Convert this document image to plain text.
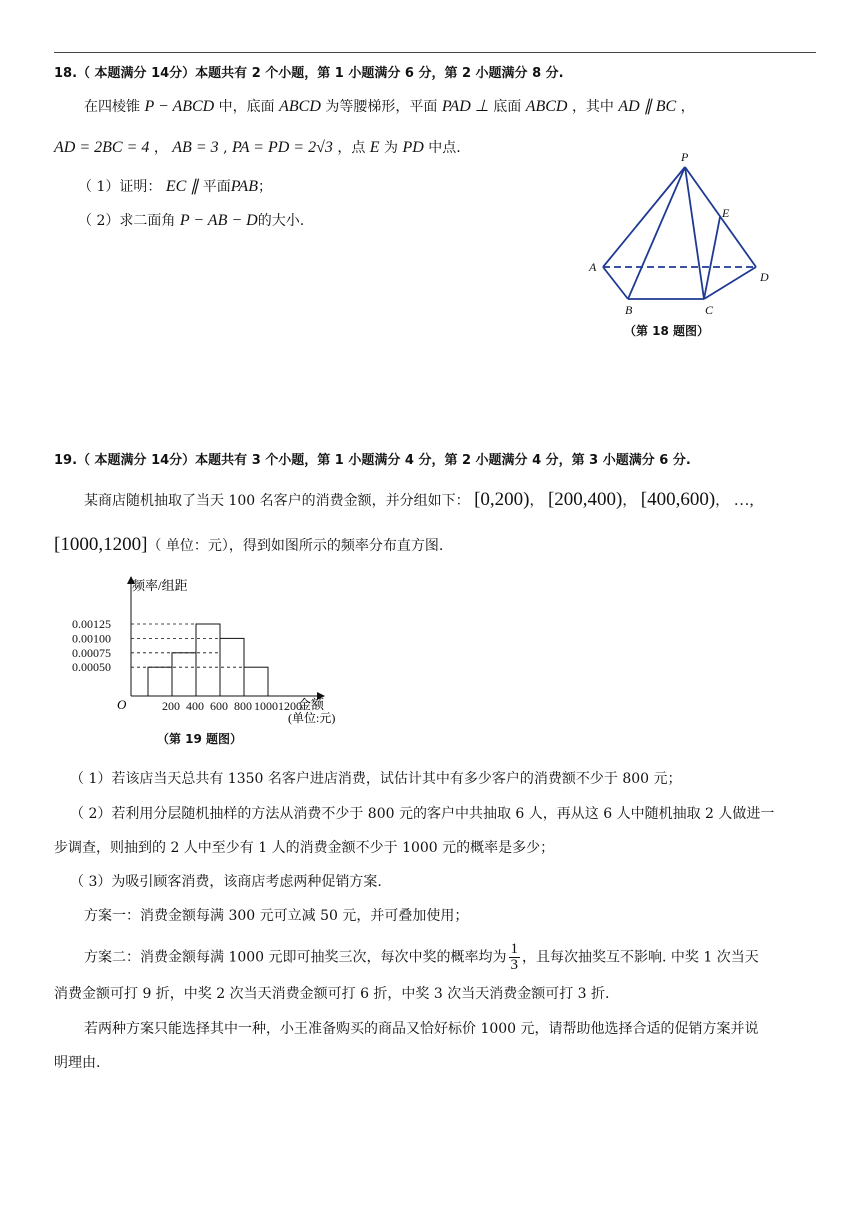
18.（ 本题满分 14分）本题共有 2 个小题，第 1 小题满分 6 分，第 2 小题满分 8 分.
在四棱锥 P − ABCD 中，底面 ABCD 为等腰梯形，平面 PAD ⊥ 底面 ABCD ，其中 AD ∥ BC ，
AD = 2BC = 4 ， AB = 3 , PA = PD = 2√3 ，点 E 为 PD 中点.
（ 1）证明： EC ∥ 平面PAB；
（ 2）求二面角 P − AB − D的大小.
P
E
A
D
B	C
（第 18 题图）
19.（ 本题满分 14分）本题共有 3 个小题，第 1 小题满分 4 分，第 2 小题满分 4 分，第 3 小题满分 6 分.
某商店随机抽取了当天 100 名客户的消费金额，并分组如下： [0,200)， [200,400)， [400,600)， …,
[1000,1200]（ 单位：元），得到如图所示的频率分布直方图.
0.00125
0.00100
0.00075
0.00050
200 400 600 800 1000 1200
频率/组距
金额
(单位:元)
O
（第 19 题图）
（ 1）若该店当天总共有 1350 名客户进店消费，试估计其中有多少客户的消费额不少于 800 元；
（ 2）若利用分层随机抽样的方法从消费不少于 800 元的客户中共抽取 6 人，再从这 6 人中随机抽取 2 人做进一
步调查，则抽到的 2 人中至少有 1 人的消费金额不少于 1000 元的概率是多少；
（ 3）为吸引顾客消费，该商店考虑两种促销方案.
方案一：消费金额每满 300 元可立减 50 元，并可叠加使用；
方案二：消费金额每满 1000 元即可抽奖三次，每次中奖的概率均为 $\frac{1}{3}$ ，且每次抽奖互不影响. 中奖 1 次当天
消费金额可打 9 折，中奖 2 次当天消费金额可打 6 折，中奖 3 次当天消费金额可打 3 折.
若两种方案只能选择其中一种，小王准备购买的商品又恰好标价 1000 元，请帮助他选择合适的促销方案并说
明理由.
